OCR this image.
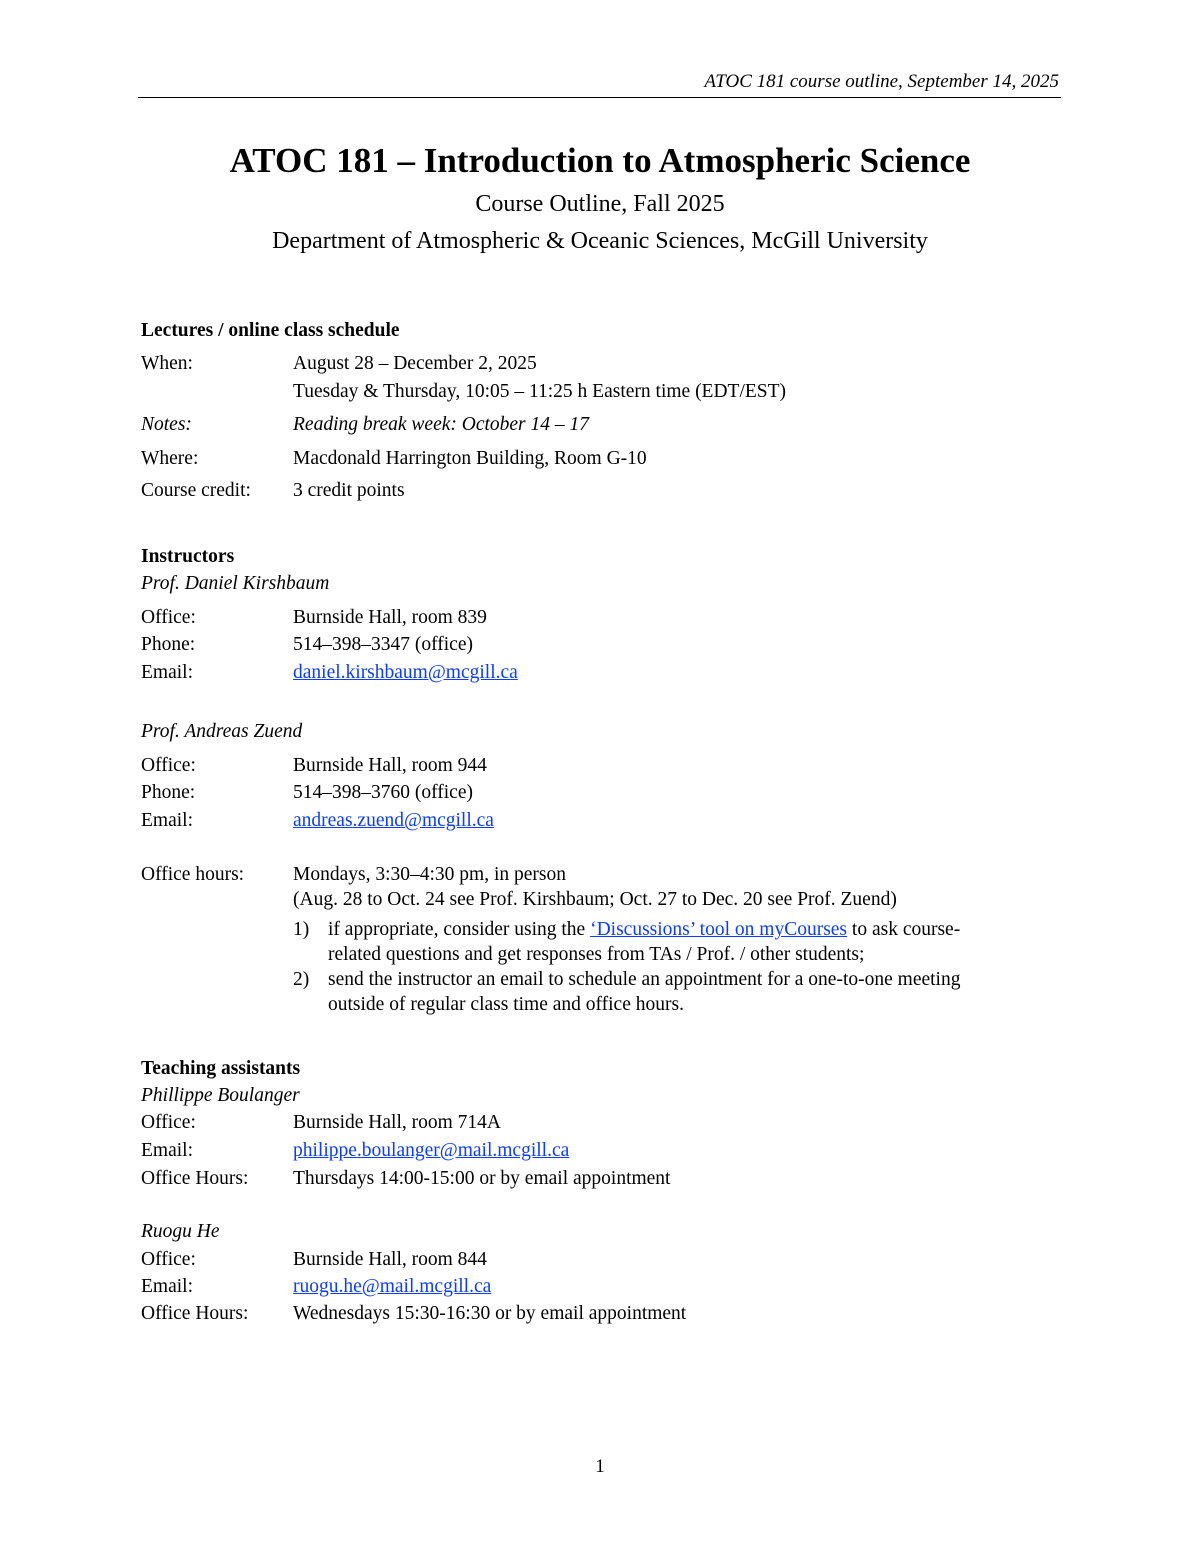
ATOC 181 course outline, September 14, 2025
ATOC 181 – Introduction to Atmospheric Science
Course Outline, Fall 2025
Department of Atmospheric & Oceanic Sciences, McGill University
Lectures / online class schedule
When:	August 28 – December 2, 2025
Tuesday & Thursday, 10:05 – 11:25 h Eastern time (EDT/EST)
Notes:	Reading break week: October 14 – 17
Where:	Macdonald Harrington Building, Room G-10
Course credit: 3 credit points
Instructors
Prof. Daniel Kirshbaum
Office:	Burnside Hall, room 839
Phone:	514–398–3347 (office)
Email:	daniel.kirshbaum@mcgill.ca
Prof. Andreas Zuend
Office:	Burnside Hall, room 944
Phone:	514–398–3760 (office)
Email:	andreas.zuend@mcgill.ca
Office hours:	Mondays, 3:30–4:30 pm, in person
(Aug. 28 to Oct. 24 see Prof. Kirshbaum; Oct. 27 to Dec. 20 see Prof. Zuend)
1) if appropriate, consider using the ‘Discussions’ tool on myCourses to ask course-
related questions and get responses from TAs / Prof. / other students;
2) send the instructor an email to schedule an appointment for a one-to-one meeting
outside of regular class time and office hours.
Teaching assistants
Phillippe Boulanger
Office:	Burnside Hall, room 714A
Email:	philippe.boulanger@mail.mcgill.ca
Office Hours: Thursdays 14:00-15:00 or by email appointment
Ruogu He
Office:	Burnside Hall, room 844
Email:	ruogu.he@mail.mcgill.ca
Office Hours: Wednesdays 15:30-16:30 or by email appointment
1
